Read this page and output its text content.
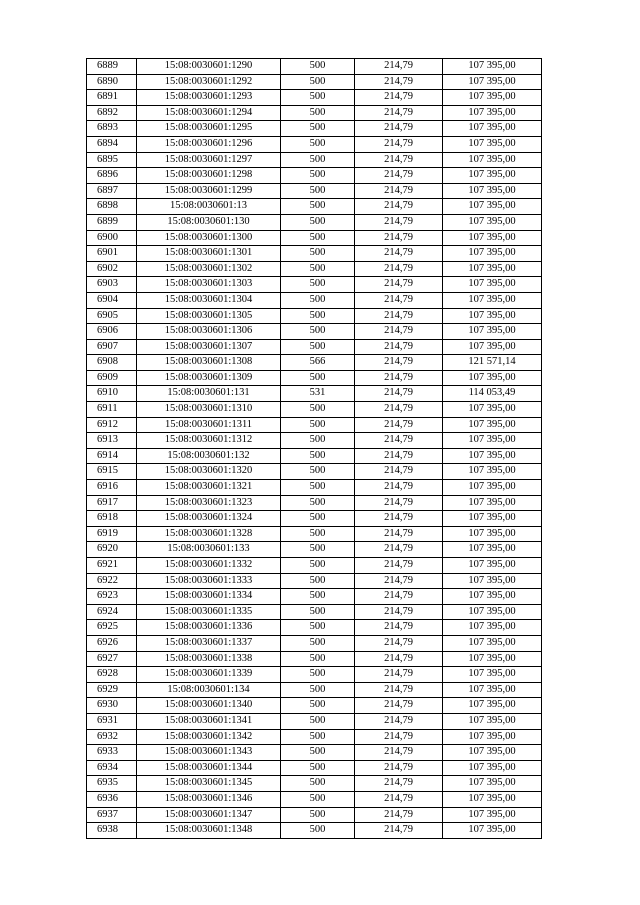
6889	15:08:0030601:1290	500	214,79	107 395,00
6890	15:08:0030601:1292	500	214,79	107 395,00
6891	15:08:0030601:1293	500	214,79	107 395,00
6892	15:08:0030601:1294	500	214,79	107 395,00
6893	15:08:0030601:1295	500	214,79	107 395,00
6894	15:08:0030601:1296	500	214,79	107 395,00
6895	15:08:0030601:1297	500	214,79	107 395,00
6896	15:08:0030601:1298	500	214,79	107 395,00
6897	15:08:0030601:1299	500	214,79	107 395,00
6898	15:08:0030601:13	500	214,79	107 395,00
6899	15:08:0030601:130	500	214,79	107 395,00
6900	15:08:0030601:1300	500	214,79	107 395,00
6901	15:08:0030601:1301	500	214,79	107 395,00
6902	15:08:0030601:1302	500	214,79	107 395,00
6903	15:08:0030601:1303	500	214,79	107 395,00
6904	15:08:0030601:1304	500	214,79	107 395,00
6905	15:08:0030601:1305	500	214,79	107 395,00
6906	15:08:0030601:1306	500	214,79	107 395,00
6907	15:08:0030601:1307	500	214,79	107 395,00
6908	15:08:0030601:1308	566	214,79	121 571,14
6909	15:08:0030601:1309	500	214,79	107 395,00
6910	15:08:0030601:131	531	214,79	114 053,49
6911	15:08:0030601:1310	500	214,79	107 395,00
6912	15:08:0030601:1311	500	214,79	107 395,00
6913	15:08:0030601:1312	500	214,79	107 395,00
6914	15:08:0030601:132	500	214,79	107 395,00
6915	15:08:0030601:1320	500	214,79	107 395,00
6916	15:08:0030601:1321	500	214,79	107 395,00
6917	15:08:0030601:1323	500	214,79	107 395,00
6918	15:08:0030601:1324	500	214,79	107 395,00
6919	15:08:0030601:1328	500	214,79	107 395,00
6920	15:08:0030601:133	500	214,79	107 395,00
6921	15:08:0030601:1332	500	214,79	107 395,00
6922	15:08:0030601:1333	500	214,79	107 395,00
6923	15:08:0030601:1334	500	214,79	107 395,00
6924	15:08:0030601:1335	500	214,79	107 395,00
6925	15:08:0030601:1336	500	214,79	107 395,00
6926	15:08:0030601:1337	500	214,79	107 395,00
6927	15:08:0030601:1338	500	214,79	107 395,00
6928	15:08:0030601:1339	500	214,79	107 395,00
6929	15:08:0030601:134	500	214,79	107 395,00
6930	15:08:0030601:1340	500	214,79	107 395,00
6931	15:08:0030601:1341	500	214,79	107 395,00
6932	15:08:0030601:1342	500	214,79	107 395,00
6933	15:08:0030601:1343	500	214,79	107 395,00
6934	15:08:0030601:1344	500	214,79	107 395,00
6935	15:08:0030601:1345	500	214,79	107 395,00
6936	15:08:0030601:1346	500	214,79	107 395,00
6937	15:08:0030601:1347	500	214,79	107 395,00
6938	15:08:0030601:1348	500	214,79	107 395,00
